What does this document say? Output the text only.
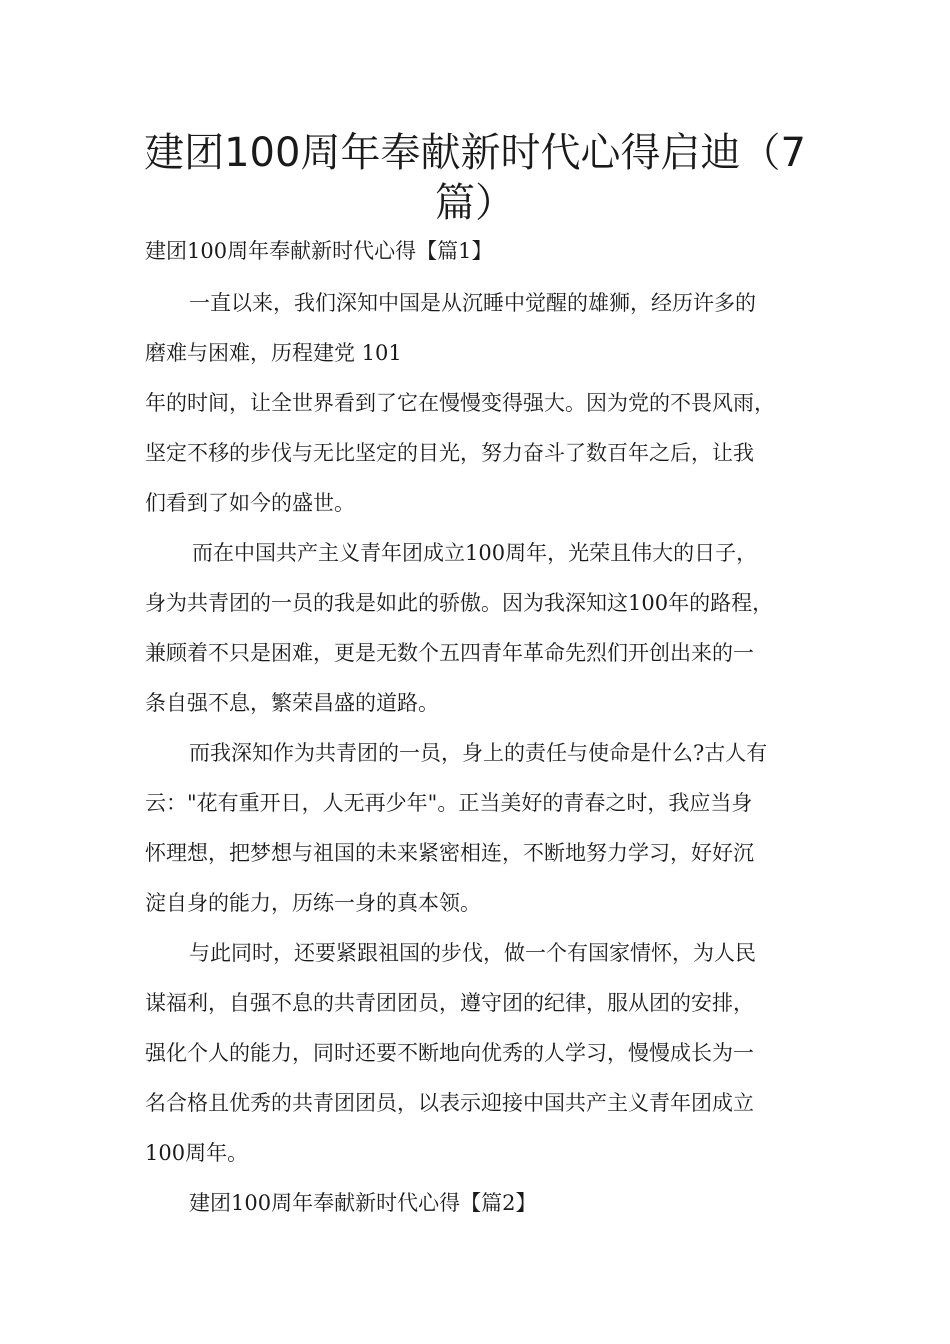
建团100周年奉献新时代心得启迪（7
篇）

建团100周年奉献新时代心得【篇1】

一直以来，我们深知中国是从沉睡中觉醒的雄狮，经历许多的

磨难与困难，历程建党 101

年的时间，让全世界看到了它在慢慢变得强大。因为党的不畏风雨，

坚定不移的步伐与无比坚定的目光，努力奋斗了数百年之后，让我

们看到了如今的盛世。

而在中国共产主义青年团成立100周年，光荣且伟大的日子，

身为共青团的一员的我是如此的骄傲。因为我深知这100年的路程，

兼顾着不只是困难，更是无数个五四青年革命先烈们开创出来的一

条自强不息，繁荣昌盛的道路。

而我深知作为共青团的一员，身上的责任与使命是什么?古人有

云："花有重开日，人无再少年"。正当美好的青春之时，我应当身

怀理想，把梦想与祖国的未来紧密相连，不断地努力学习，好好沉

淀自身的能力，历练一身的真本领。

与此同时，还要紧跟祖国的步伐，做一个有国家情怀，为人民

谋福利，自强不息的共青团团员，遵守团的纪律，服从团的安排，

强化个人的能力，同时还要不断地向优秀的人学习，慢慢成长为一

名合格且优秀的共青团团员，以表示迎接中国共产主义青年团成立

100周年。

建团100周年奉献新时代心得【篇2】
